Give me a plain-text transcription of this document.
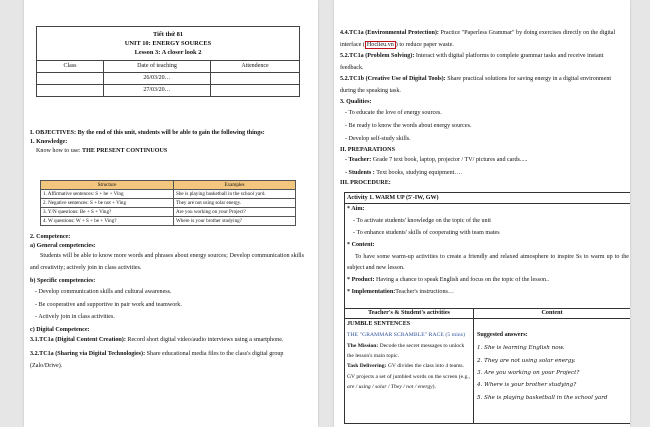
Tiết thứ 81
UNIT 10: ENERGY SOURCES
Lesson 3: A closer look 2		
Class	Date of teaching	Attendence
	26/03/20…	
	27/03/20…	

I. OBJECTIVES: By the end of this unit, students will be able to gain the following things:

1. Knowledge:

Know how to use: THE PRESENT CONTINUOUS

Structure	Examples
1. Affirmative sentences: S + be + Ving	She is playing basketball in the school yard.
2. Negative sentences: S + be not + Ving	They are not using solar energy.
3. Y/N questions: Be + S + Ving?	Are you working on your Project?
4. W questions: W + S + be + Ving?	Where is your brother studying?

2. Competence:

a) General competencies:

Students will be able to know more words and phrases about energy sources; Develop communication skills and creativity; actively join in class activities.

b) Specific competencies:

- Develop communication skills and cultural awareness.
- Be cooperative and supportive in pair work and teamwork.
- Actively join in class activities.

c) Digital Competence:

3.1.TC1a (Digital Content Creation): Record short digital video/audio interviews using a smartphone.

3.2.TC1a (Sharing via Digital Technologies): Share educational media files to the class's digital group (Zalo/Drive).

4.4.TC1a (Environmental Protection): Practice "Paperless Grammar" by doing exercises directly on the digital interface ( Hoclieu.vn ) to reduce paper waste.

5.2.TC1a (Problem Solving): Interact with digital platforms to complete grammar tasks and receive instant feedback.

5.2.TC1b (Creative Use of Digital Tools): Share practical solutions for saving energy in a digital environment during the speaking task.

3. Qualities:

- To educate the love of energy sources.
- Be ready to know the words about energy sources.
- Develop self-study skills.

II. PREPARATIONS

- Teacher: Grade 7 text book, laptop, projector / TV/ pictures and cards.....

- Students : Text books, studying equipment….

III. PROCEDURE:

Activity 1. WARM UP (5'-IW, GW)
* Aim:
- To activate students' knowledge on the topic of the unit
- To enhance students' skills of cooperating with team mates
* Content:
To have some warm-up activities to create a friendly and relaxed atmosphere to inspire Ss to warm up to the subject and new lesson.
* Product: Having a chance to speak English and focus on the topic of the lesson..
* Implementation:Teacher's instructions…
Teacher's & Student's activities	Content
JUMBLE SENTENCES
THE "GRAMMAR SCRAMBLE" RACE (5 mins)
The Mission: Decode the secret messages to unlock the lesson's main topic.
Task Delivering: GV divides the class into 4 teams. GV projects a set of jumbled words on the screen (e.g., are / using / solar / They / not / energy).
Suggested answers:
1. She is learning English now.
2. They are not using solar energy.
3. Are you working on your Project?
4. Where is your brother studying?
5. She is playing basketball in the school yard
